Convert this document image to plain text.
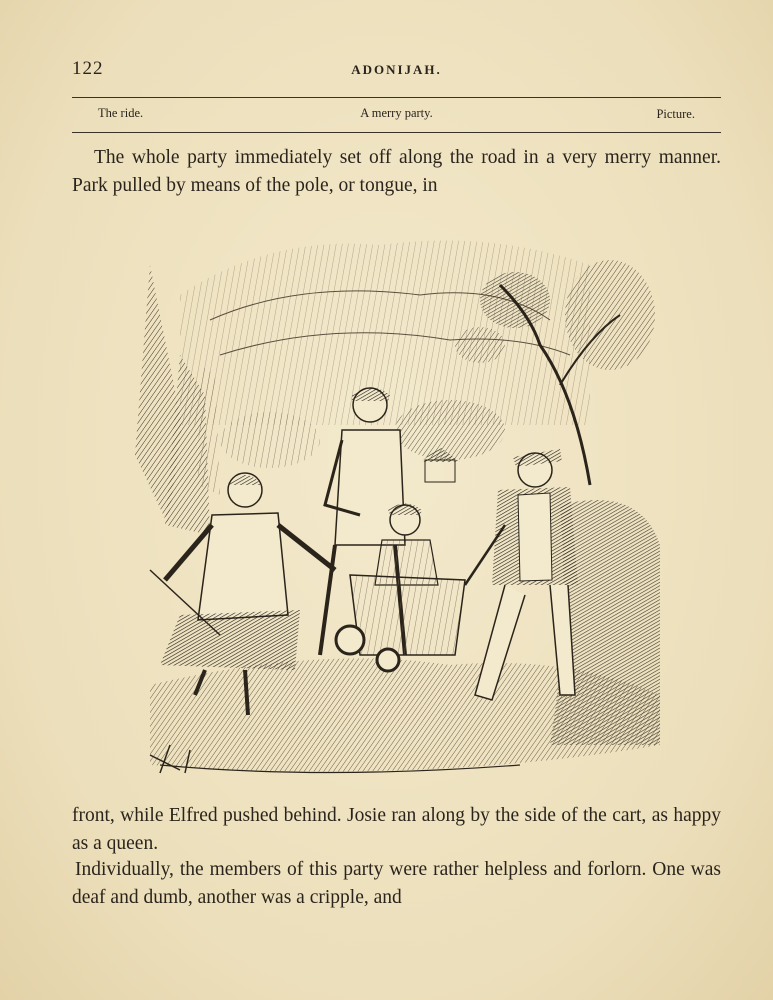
122	ADONIJAH.
The ride.	A merry party.	Picture.

The whole party immediately set off along the road in a very merry manner. Park pulled by means of the pole, or tongue, in

front, while Elfred pushed behind. Josie ran along by the side of the cart, as happy as a queen.

Individually, the members of this party were rather helpless and forlorn. One was deaf and dumb, another was a cripple, and
